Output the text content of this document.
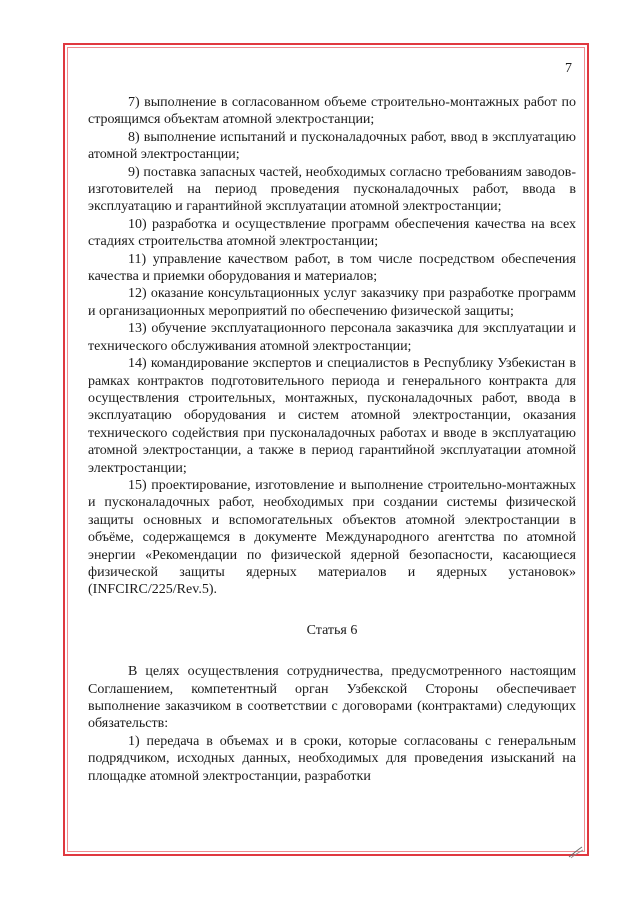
7

7) выполнение в согласованном объеме строительно-монтажных работ по строящимся объектам атомной электростанции;

8) выполнение испытаний и пусконаладочных работ, ввод в эксплуатацию атомной электростанции;

9) поставка запасных частей, необходимых согласно требованиям заводов-изготовителей на период проведения пусконаладочных работ, ввода в эксплуатацию и гарантийной эксплуатации атомной электростанции;

10) разработка и осуществление программ обеспечения качества на всех стадиях строительства атомной электростанции;

11) управление качеством работ, в том числе посредством обеспечения качества и приемки оборудования и материалов;

12) оказание консультационных услуг заказчику при разработке программ и организационных мероприятий по обеспечению физической защиты;

13) обучение эксплуатационного персонала заказчика для эксплуатации и технического обслуживания атомной электростанции;

14) командирование экспертов и специалистов в Республику Узбекистан в рамках контрактов подготовительного периода и генерального контракта для осуществления строительных, монтажных, пусконаладочных работ, ввода в эксплуатацию оборудования и систем атомной электростанции, оказания технического содействия при пусконаладочных работах и вводе в эксплуатацию атомной электростанции, а также в период гарантийной эксплуатации атомной электростанции;

15) проектирование, изготовление и выполнение строительно-монтажных и пусконаладочных работ, необходимых при создании системы физической защиты основных и вспомогательных объектов атомной электростанции в объёме, содержащемся в документе Международного агентства по атомной энергии «Рекомендации по физической ядерной безопасности, касающиеся физической защиты ядерных материалов и ядерных установок» (INFCIRC/225/Rev.5).

Статья 6

В целях осуществления сотрудничества, предусмотренного настоящим Соглашением, компетентный орган Узбекской Стороны обеспечивает выполнение заказчиком в соответствии с договорами (контрактами) следующих обязательств:

1) передача в объемах и в сроки, которые согласованы с генеральным подрядчиком, исходных данных, необходимых для проведения изысканий на площадке атомной электростанции, разработки
